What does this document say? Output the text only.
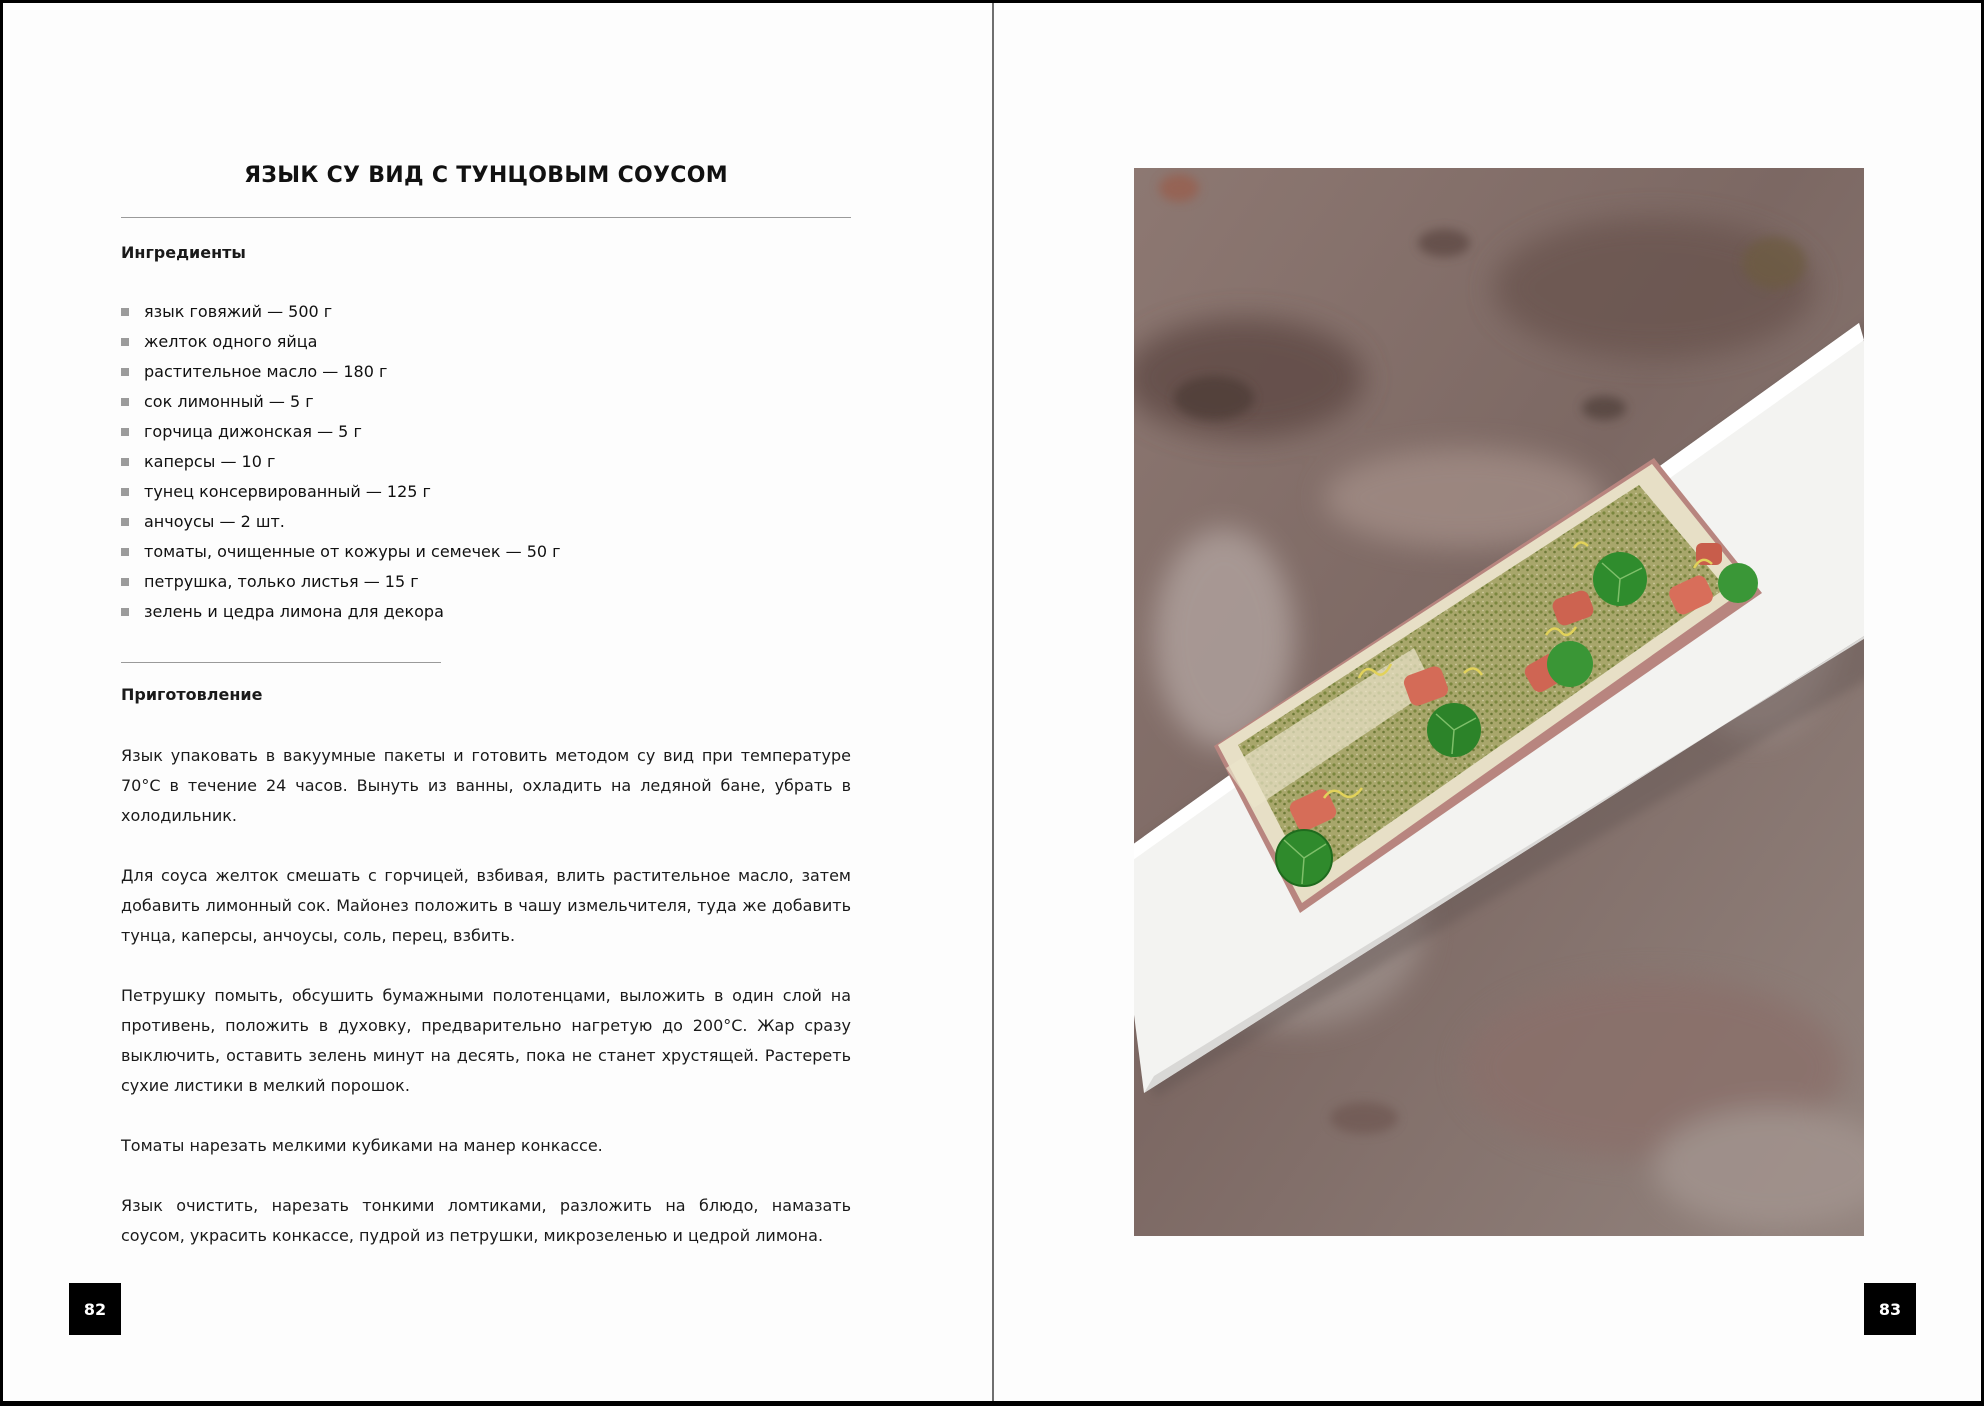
ЯЗЫК СУ ВИД С ТУНЦОВЫМ СОУСОМ
Ингредиенты
язык говяжий — 500 г
желток одного яйца
растительное масло — 180 г
сок лимонный — 5 г
горчица дижонская — 5 г
каперсы — 10 г
тунец консервированный — 125 г
анчоусы — 2 шт.
томаты, очищенные от кожуры и семечек — 50 г
петрушка, только листья — 15 г
зелень и цедра лимона для декора
Приготовление

Язык упаковать в вакуумные пакеты и готовить методом су вид при температуре 70°C в течение 24 часов. Вынуть из ванны, охладить на ледяной бане, убрать в холодильник.

Для соуса желток смешать с горчицей, взбивая, влить растительное масло, затем добавить лимонный сок. Майонез положить в чашу измельчителя, туда же добавить тунца, каперсы, анчоусы, соль, перец, взбить.

Петрушку помыть, обсушить бумажными полотенцами, выложить в один слой на противень, положить в духовку, предварительно нагретую до 200°C. Жар сразу выключить, оставить зелень минут на десять, пока не станет хрустящей. Растереть сухие листики в мелкий порошок.

Томаты нарезать мелкими кубиками на манер конкассе.

Язык очистить, нарезать тонкими ломтиками, разложить на блюдо, намазать соусом, украсить конкассе, пудрой из петрушки, микрозеленью и цедрой лимона.

82	83
